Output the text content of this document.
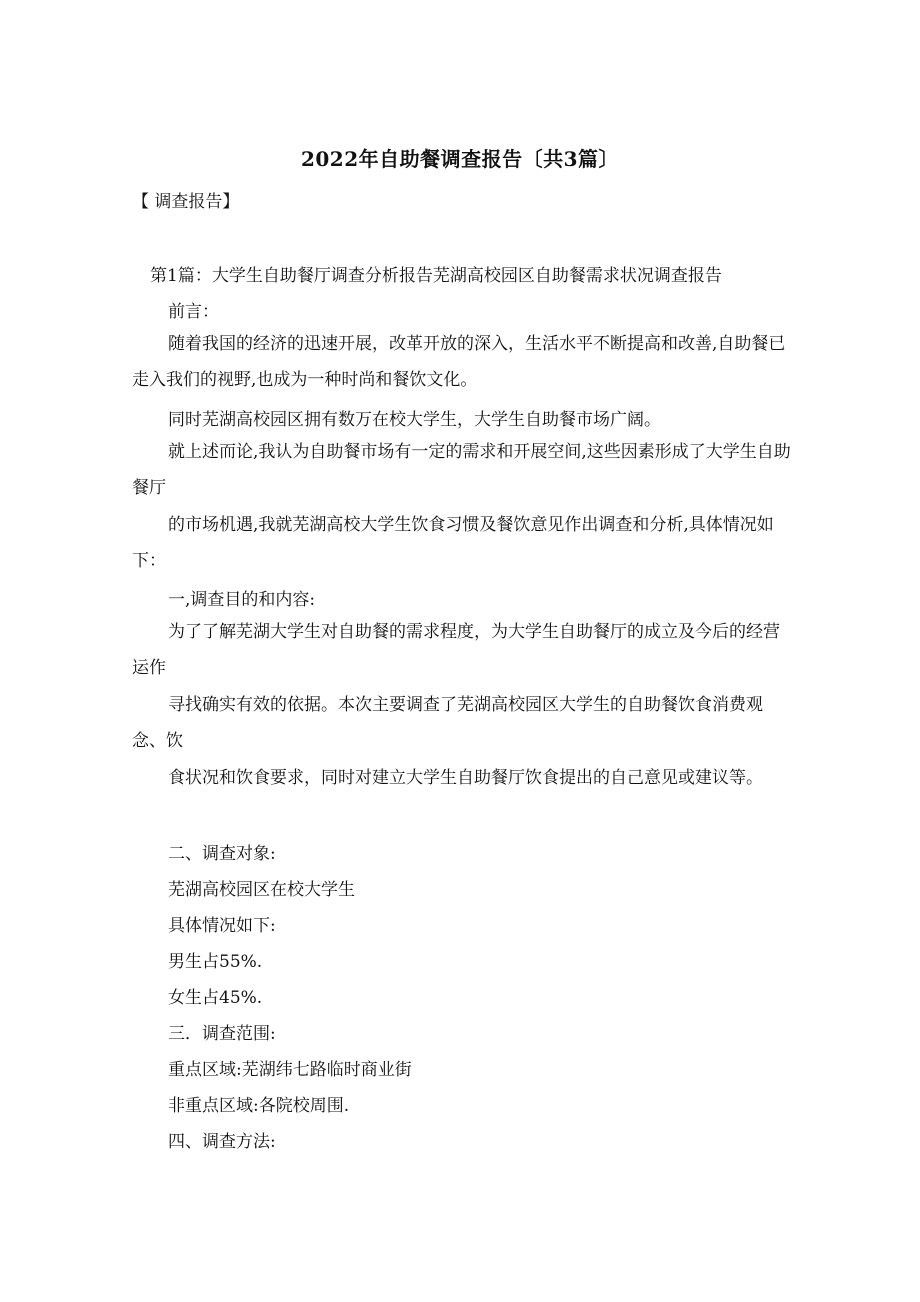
2022年自助餐调查报告〔共3篇〕
【 调查报告】
第1篇：大学生自助餐厅调查分析报告芜湖高校园区自助餐需求状况调查报告
前言：
随着我国的经济的迅速开展，改革开放的深入，生活水平不断提高和改善,自助餐已走入我们的视野,也成为一种时尚和餐饮文化。
同时芜湖高校园区拥有数万在校大学生，大学生自助餐市场广阔。
就上述而论,我认为自助餐市场有一定的需求和开展空间,这些因素形成了大学生自助餐厅
的市场机遇,我就芜湖高校大学生饮食习惯及餐饮意见作出调查和分析,具体情况如下：
一,调查目的和内容:
为了了解芜湖大学生对自助餐的需求程度，为大学生自助餐厅的成立及今后的经营运作
寻找确实有效的依据。本次主要调查了芜湖高校园区大学生的自助餐饮食消费观念、饮
食状况和饮食要求，同时对建立大学生自助餐厅饮食提出的自己意见或建议等。
二、调查对象:
芜湖高校园区在校大学生
具体情况如下:
男生占55%.
女生占45%.
三．调查范围:
重点区域:芜湖纬七路临时商业街
非重点区域:各院校周围.
四、调查方法:
